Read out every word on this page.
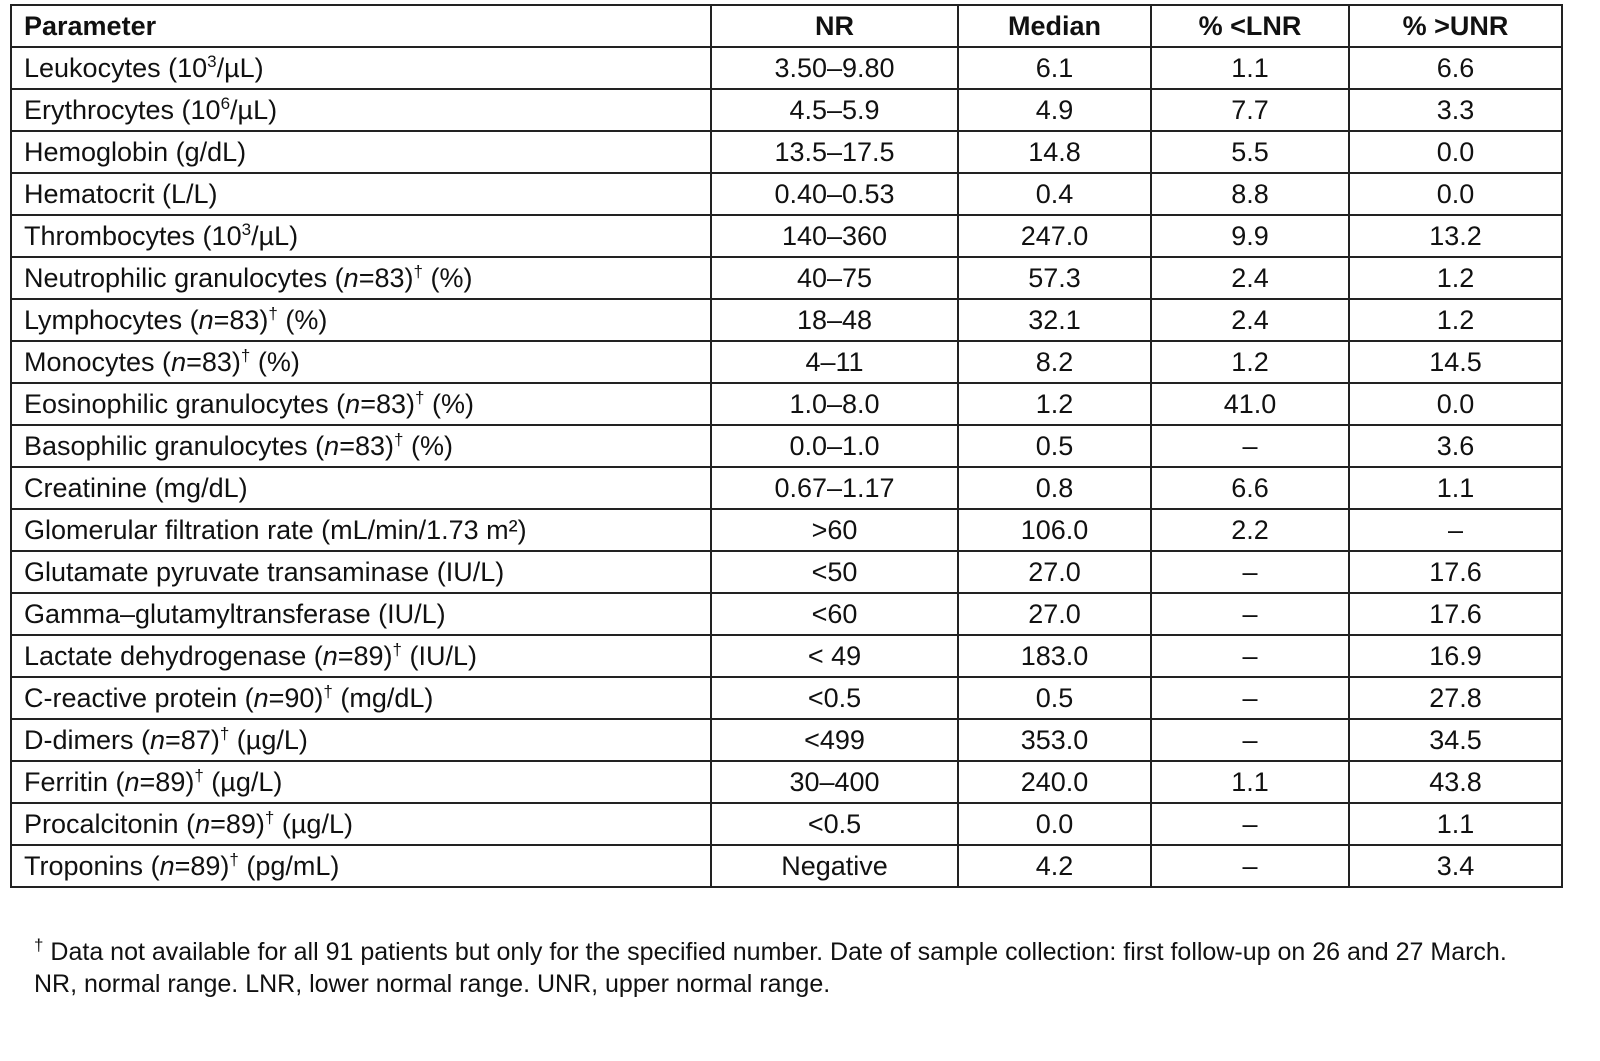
Parameter	NR	Median	% <LNR	% >UNR
Leukocytes $(10^3/\mu L)$	3.50–9.80	6.1	1.1	6.6
Erythrocytes $(10^6/\mu L)$	4.5–5.9	4.9	7.7	3.3
Hemoglobin (g/dL)	13.5–17.5	14.8	5.5	0.0
Hematocrit (L/L)	0.40–0.53	0.4	8.8	0.0
Thrombocytes $(10^3/\mu L)$	140–360	247.0	9.9	13.2
Neutrophilic granulocytes (n=83)† (%)	40–75	57.3	2.4	1.2
Lymphocytes (n=83)† (%)	18–48	32.1	2.4	1.2
Monocytes (n=83)† (%)	4–11	8.2	1.2	14.5
Eosinophilic granulocytes (n=83)† (%)	1.0–8.0	1.2	41.0	0.0
Basophilic granulocytes (n=83)† (%)	0.0–1.0	0.5	–	3.6
Creatinine (mg/dL)	0.67–1.17	0.8	6.6	1.1
Glomerular filtration rate (mL/min/1.73 m²)	>60	106.0	2.2	–
Glutamate pyruvate transaminase (IU/L)	<50	27.0	–	17.6
Gamma–glutamyltransferase (IU/L)	<60	27.0	–	17.6
Lactate dehydrogenase (n=89)† (IU/L)	< 49	183.0	–	16.9
C-reactive protein (n=90)† (mg/dL)	<0.5	0.5	–	27.8
D-dimers (n=87)† (µg/L)	<499	353.0	–	34.5
Ferritin (n=89)† (µg/L)	30–400	240.0	1.1	43.8
Procalcitonin (n=89)† (µg/L)	<0.5	0.0	–	1.1
Troponins (n=89)† (pg/mL)	Negative	4.2	–	3.4

† Data not available for all 91 patients but only for the specified number. Date of sample collection: first follow-up on 26 and 27 March.

NR, normal range. LNR, lower normal range. UNR, upper normal range.
